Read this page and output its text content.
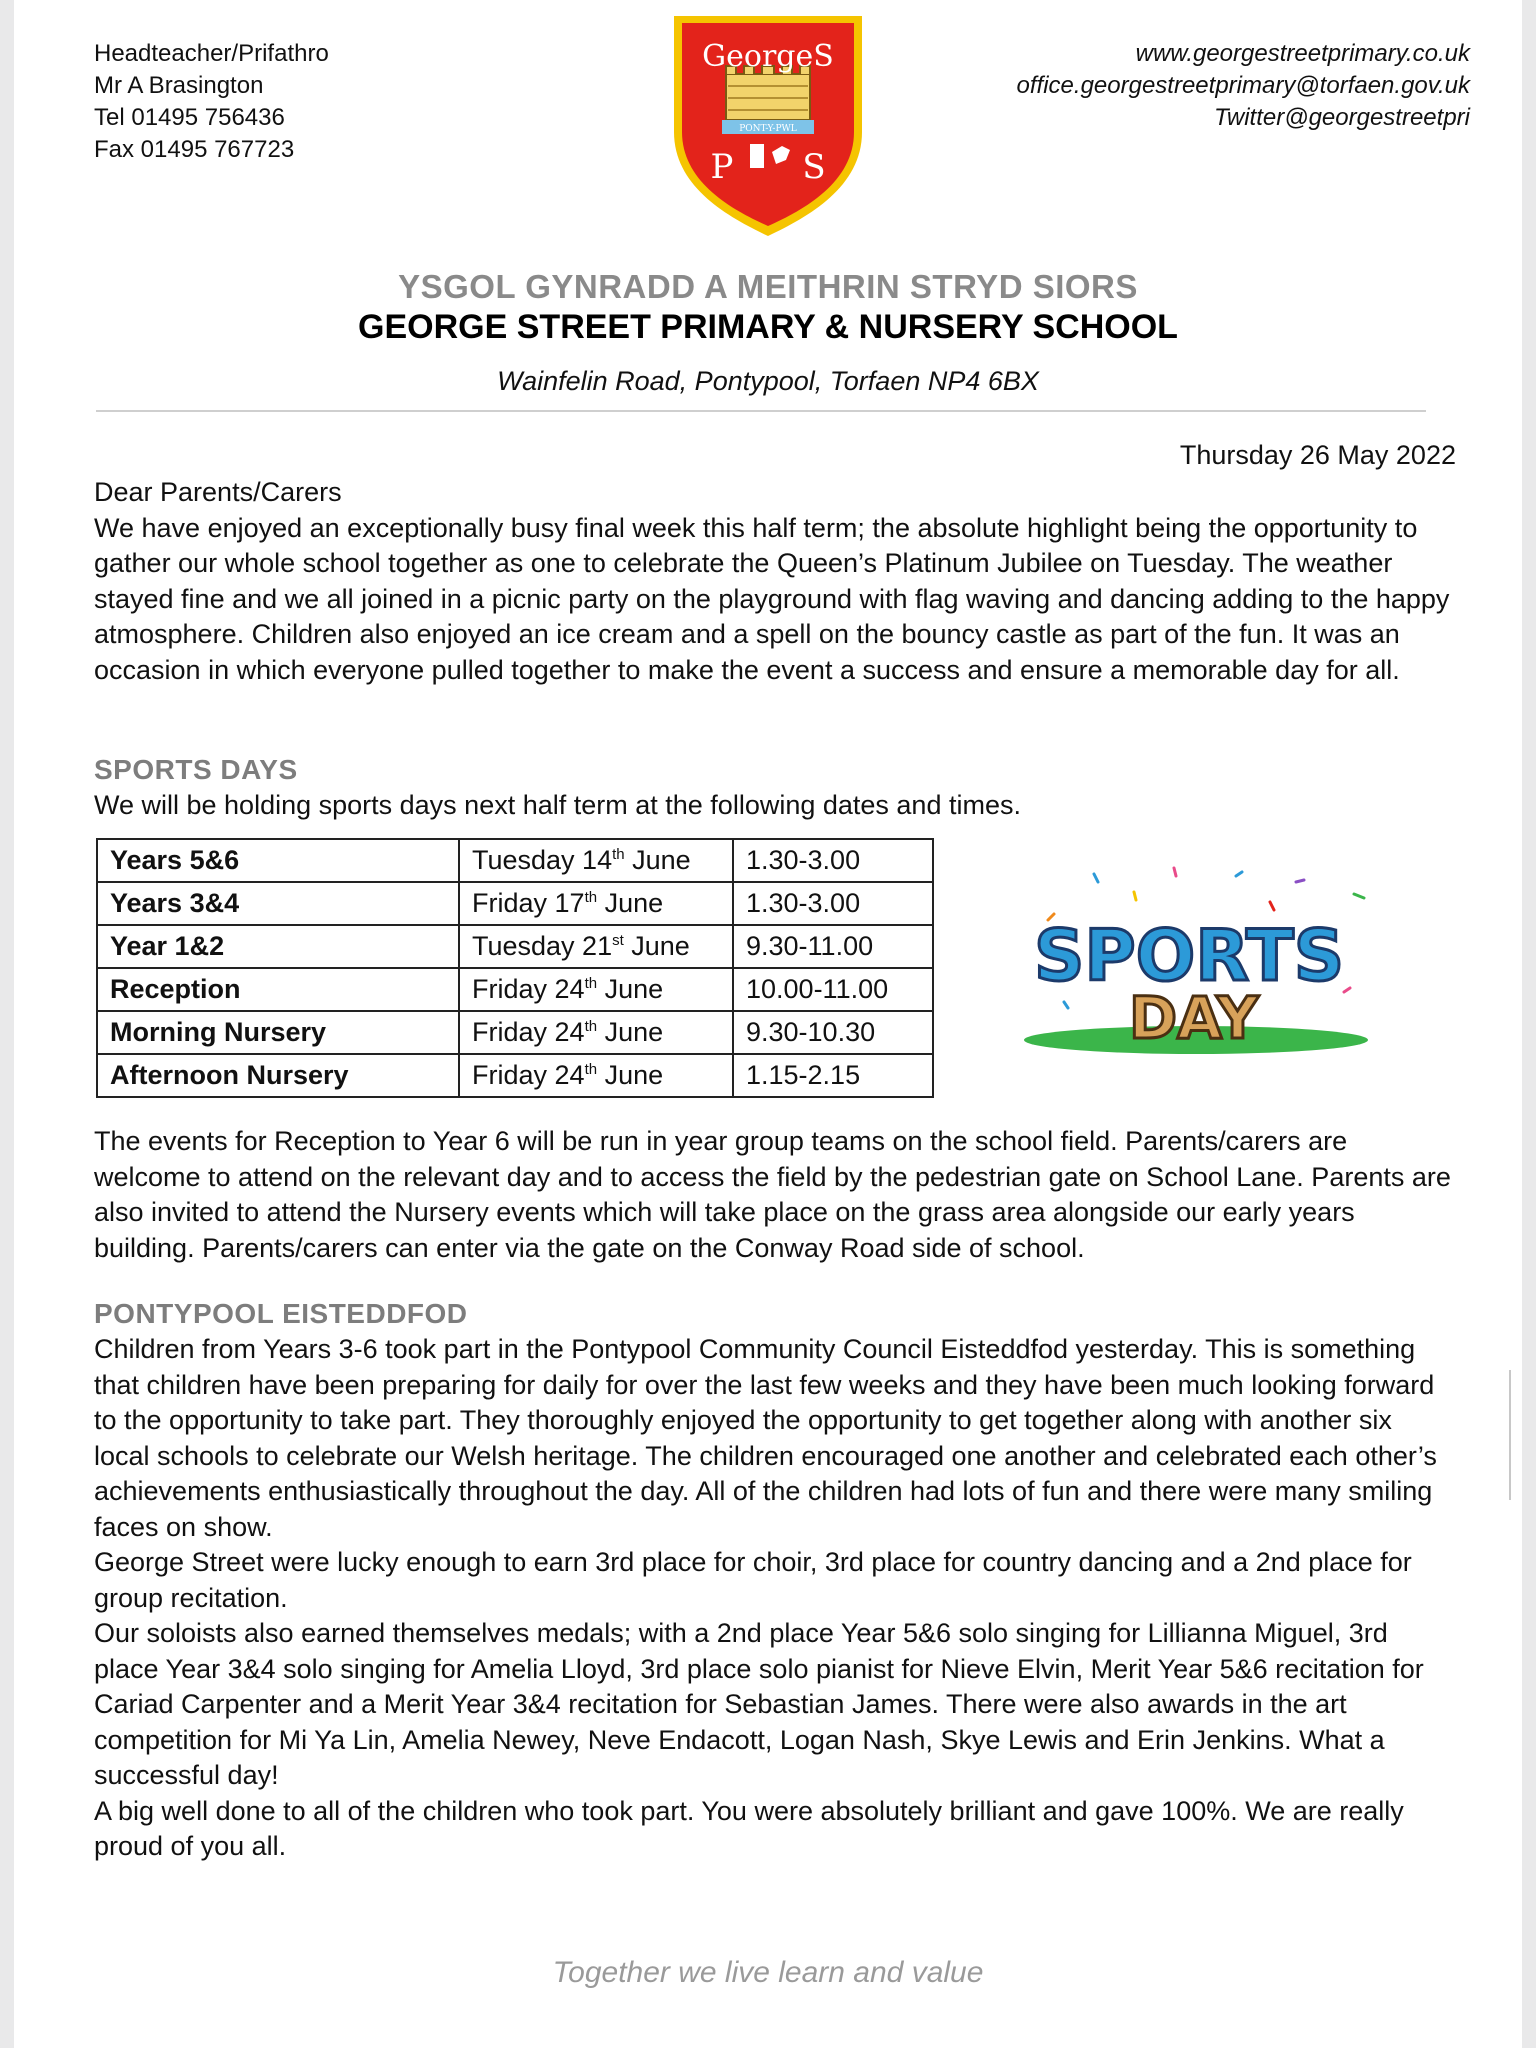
Headteacher/Prifathro
Mr A Brasington
Tel 01495 756436
Fax 01495 767723
www.georgestreetprimary.co.uk
office.georgestreetprimary@torfaen.gov.uk
Twitter@georgestreetpri
PONT-Y-PWL
GeorgeS
P S
YSGOL GYNRADD A MEITHRIN STRYD SIORS
GEORGE STREET PRIMARY & NURSERY SCHOOL
Wainfelin Road, Pontypool, Torfaen NP4 6BX
Thursday 26 May 2022

Dear Parents/Carers

We have enjoyed an exceptionally busy final week this half term; the absolute highlight being the opportunity to gather our whole school together as one to celebrate the Queen’s Platinum Jubilee on Tuesday. The weather stayed fine and we all joined in a picnic party on the playground with flag waving and dancing adding to the happy atmosphere. Children also enjoyed an ice cream and a spell on the bouncy castle as part of the fun. It was an occasion in which everyone pulled together to make the event a success and ensure a memorable day for all.

SPORTS DAYS
We will be holding sports days next half term at the following dates and times.
Years 5&6	Tuesday 14th June	1.30-3.00
Years 3&4	Friday 17th June	1.30-3.00
Year 1&2	Tuesday 21st June	9.30-11.00
Reception	Friday 24th June	10.00-11.00
Morning Nursery	Friday 24th June	9.30-10.30
Afternoon Nursery	Friday 24th June	1.15-2.15
SPORTS
DAY
The events for Reception to Year 6 will be run in year group teams on the school field. Parents/carers are welcome to attend on the relevant day and to access the field by the pedestrian gate on School Lane. Parents are also invited to attend the Nursery events which will take place on the grass area alongside our early years building. Parents/carers can enter via the gate on the Conway Road side of school.
PONTYPOOL EISTEDDFOD

Children from Years 3-6 took part in the Pontypool Community Council Eisteddfod yesterday. This is something that children have been preparing for daily for over the last few weeks and they have been much looking forward to the opportunity to take part. They thoroughly enjoyed the opportunity to get together along with another six local schools to celebrate our Welsh heritage. The children encouraged one another and celebrated each other’s achievements enthusiastically throughout the day. All of the children had lots of fun and there were many smiling faces on show.

George Street were lucky enough to earn 3rd place for choir, 3rd place for country dancing and a 2nd place for group recitation.

Our soloists also earned themselves medals; with a 2nd place Year 5&6 solo singing for Lillianna Miguel, 3rd place Year 3&4 solo singing for Amelia Lloyd, 3rd place solo pianist for Nieve Elvin, Merit Year 5&6 recitation for Cariad Carpenter and a Merit Year 3&4 recitation for Sebastian James. There were also awards in the art competition for Mi Ya Lin, Amelia Newey, Neve Endacott, Logan Nash, Skye Lewis and Erin Jenkins. What a successful day!

A big well done to all of the children who took part. You were absolutely brilliant and gave 100%. We are really proud of you all.

Together we live learn and value
